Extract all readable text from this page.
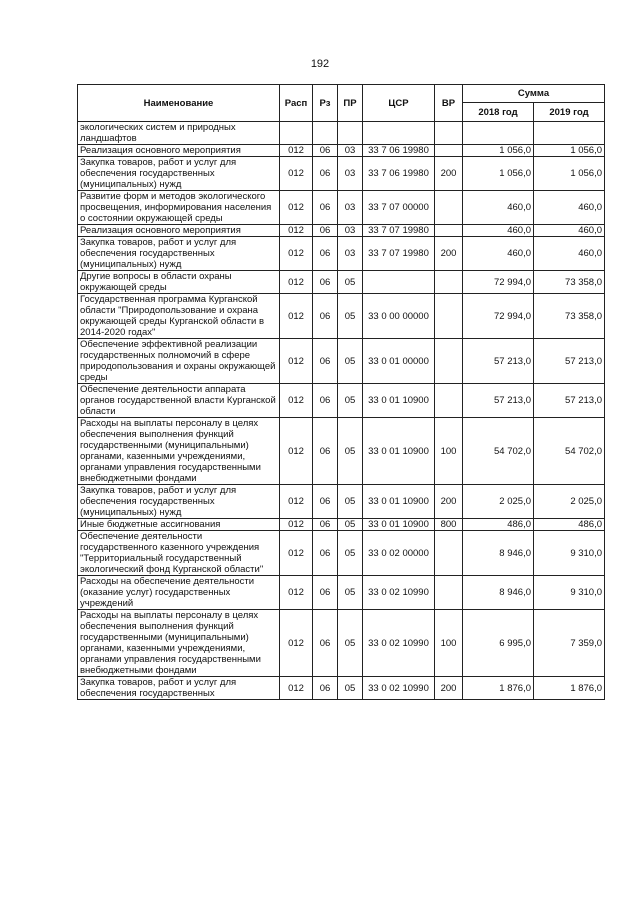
192
Наименование	Расп	Рз	ПР	ЦСР	ВР	Сумма	
						2018 год	2019 год
экологических систем и природных ландшафтов							
Реализация основного мероприятия	012	06	03	33 7 06 19980		1 056,0	1 056,0
Закупка товаров, работ и услуг для обеспечения государственных (муниципальных) нужд	012	06	03	33 7 06 19980	200	1 056,0	1 056,0
Развитие форм и методов экологического просвещения, информирования населения о состоянии окружающей среды	012	06	03	33 7 07 00000		460,0	460,0
Реализация основного мероприятия	012	06	03	33 7 07 19980		460,0	460,0
Закупка товаров, работ и услуг для обеспечения государственных (муниципальных) нужд	012	06	03	33 7 07 19980	200	460,0	460,0
Другие вопросы в области охраны окружающей среды	012	06	05			72 994,0	73 358,0
Государственная программа Курганской области "Природопользование и охрана окружающей среды Курганской области в 2014-2020 годах"	012	06	05	33 0 00 00000		72 994,0	73 358,0
Обеспечение эффективной реализации государственных полномочий в сфере природопользования и охраны окружающей среды	012	06	05	33 0 01 00000		57 213,0	57 213,0
Обеспечение деятельности аппарата органов государственной власти Курганской области	012	06	05	33 0 01 10900		57 213,0	57 213,0
Расходы на выплаты персоналу в целях обеспечения выполнения функций государственными (муниципальными) органами, казенными учреждениями, органами управления государственными внебюджетными фондами	012	06	05	33 0 01 10900	100	54 702,0	54 702,0
Закупка товаров, работ и услуг для обеспечения государственных (муниципальных) нужд	012	06	05	33 0 01 10900	200	2 025,0	2 025,0
Иные бюджетные ассигнования	012	06	05	33 0 01 10900	800	486,0	486,0
Обеспечение деятельности государственного казенного учреждения "Территориальный государственный экологический фонд Курганской области"	012	06	05	33 0 02 00000		8 946,0	9 310,0
Расходы на обеспечение деятельности (оказание услуг) государственных учреждений	012	06	05	33 0 02 10990		8 946,0	9 310,0
Расходы на выплаты персоналу в целях обеспечения выполнения функций государственными (муниципальными) органами, казенными учреждениями, органами управления государственными внебюджетными фондами	012	06	05	33 0 02 10990	100	6 995,0	7 359,0
Закупка товаров, работ и услуг для обеспечения государственных	012	06	05	33 0 02 10990	200	1 876,0	1 876,0
